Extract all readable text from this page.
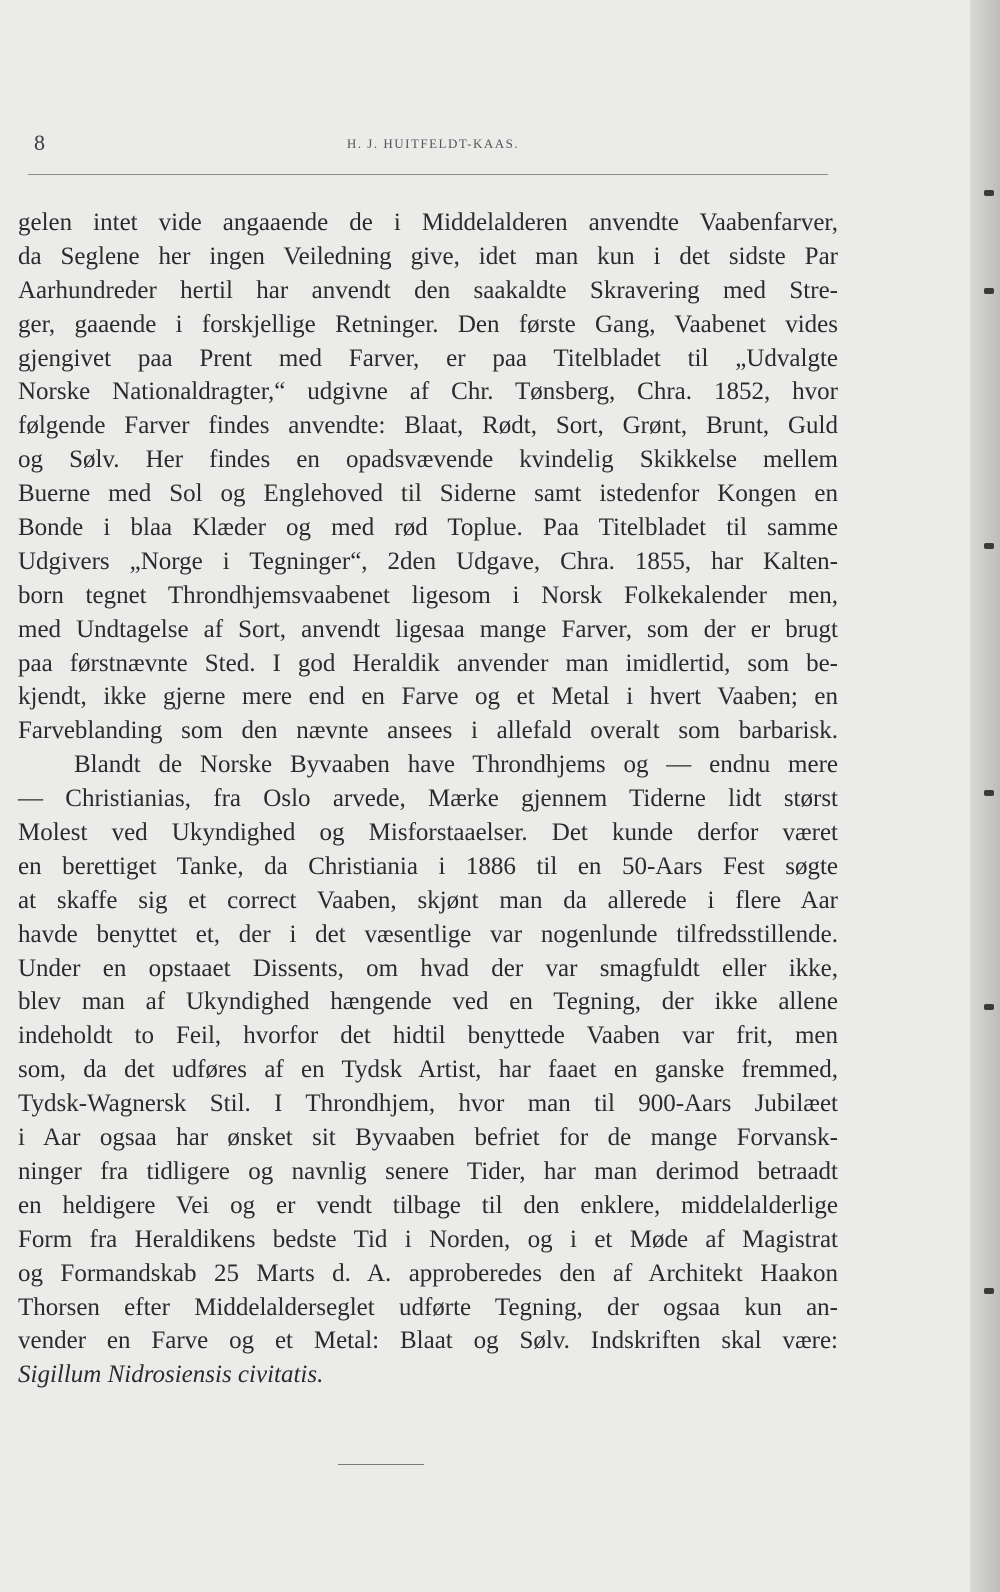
8	H. J. HUITFELDT-KAAS.
gelen intet vide angaaende de i Middelalderen anvendte Vaabenfarver,
da Seglene her ingen Veiledning give, idet man kun i det sidste Par
Aarhundreder hertil har anvendt den saakaldte Skravering med Stre-
ger, gaaende i forskjellige Retninger. Den første Gang, Vaabenet vides
gjengivet paa Prent med Farver, er paa Titelbladet til „Udvalgte
Norske Nationaldragter,“ udgivne af Chr. Tønsberg, Chra. 1852, hvor
følgende Farver findes anvendte: Blaat, Rødt, Sort, Grønt, Brunt, Guld
og Sølv. Her findes en opadsvævende kvindelig Skikkelse mellem
Buerne med Sol og Englehoved til Siderne samt istedenfor Kongen en
Bonde i blaa Klæder og med rød Toplue. Paa Titelbladet til samme
Udgivers „Norge i Tegninger“, 2den Udgave, Chra. 1855, har Kalten-
born tegnet Throndhjemsvaabenet ligesom i Norsk Folkekalender men,
med Undtagelse af Sort, anvendt ligesaa mange Farver, som der er brugt
paa førstnævnte Sted. I god Heraldik anvender man imidlertid, som be-
kjendt, ikke gjerne mere end en Farve og et Metal i hvert Vaaben; en
Farveblanding som den nævnte ansees i allefald overalt som barbarisk.
Blandt de Norske Byvaaben have Throndhjems og — endnu mere
— Christianias, fra Oslo arvede, Mærke gjennem Tiderne lidt størst
Molest ved Ukyndighed og Misforstaaelser. Det kunde derfor været
en berettiget Tanke, da Christiania i 1886 til en 50-Aars Fest søgte
at skaffe sig et correct Vaaben, skjønt man da allerede i flere Aar
havde benyttet et, der i det væsentlige var nogenlunde tilfredsstillende.
Under en opstaaet Dissents, om hvad der var smagfuldt eller ikke,
blev man af Ukyndighed hængende ved en Tegning, der ikke allene
indeholdt to Feil, hvorfor det hidtil benyttede Vaaben var frit, men
som, da det udføres af en Tydsk Artist, har faaet en ganske fremmed,
Tydsk-Wagnersk Stil. I Throndhjem, hvor man til 900-Aars Jubilæet
i Aar ogsaa har ønsket sit Byvaaben befriet for de mange Forvansk-
ninger fra tidligere og navnlig senere Tider, har man derimod betraadt
en heldigere Vei og er vendt tilbage til den enklere, middelalderlige
Form fra Heraldikens bedste Tid i Norden, og i et Møde af Magistrat
og Formandskab 25 Marts d. A. approberedes den af Architekt Haakon
Thorsen efter Middelalderseglet udførte Tegning, der ogsaa kun an-
vender en Farve og et Metal: Blaat og Sølv. Indskriften skal være:
Sigillum Nidrosiensis civitatis.
